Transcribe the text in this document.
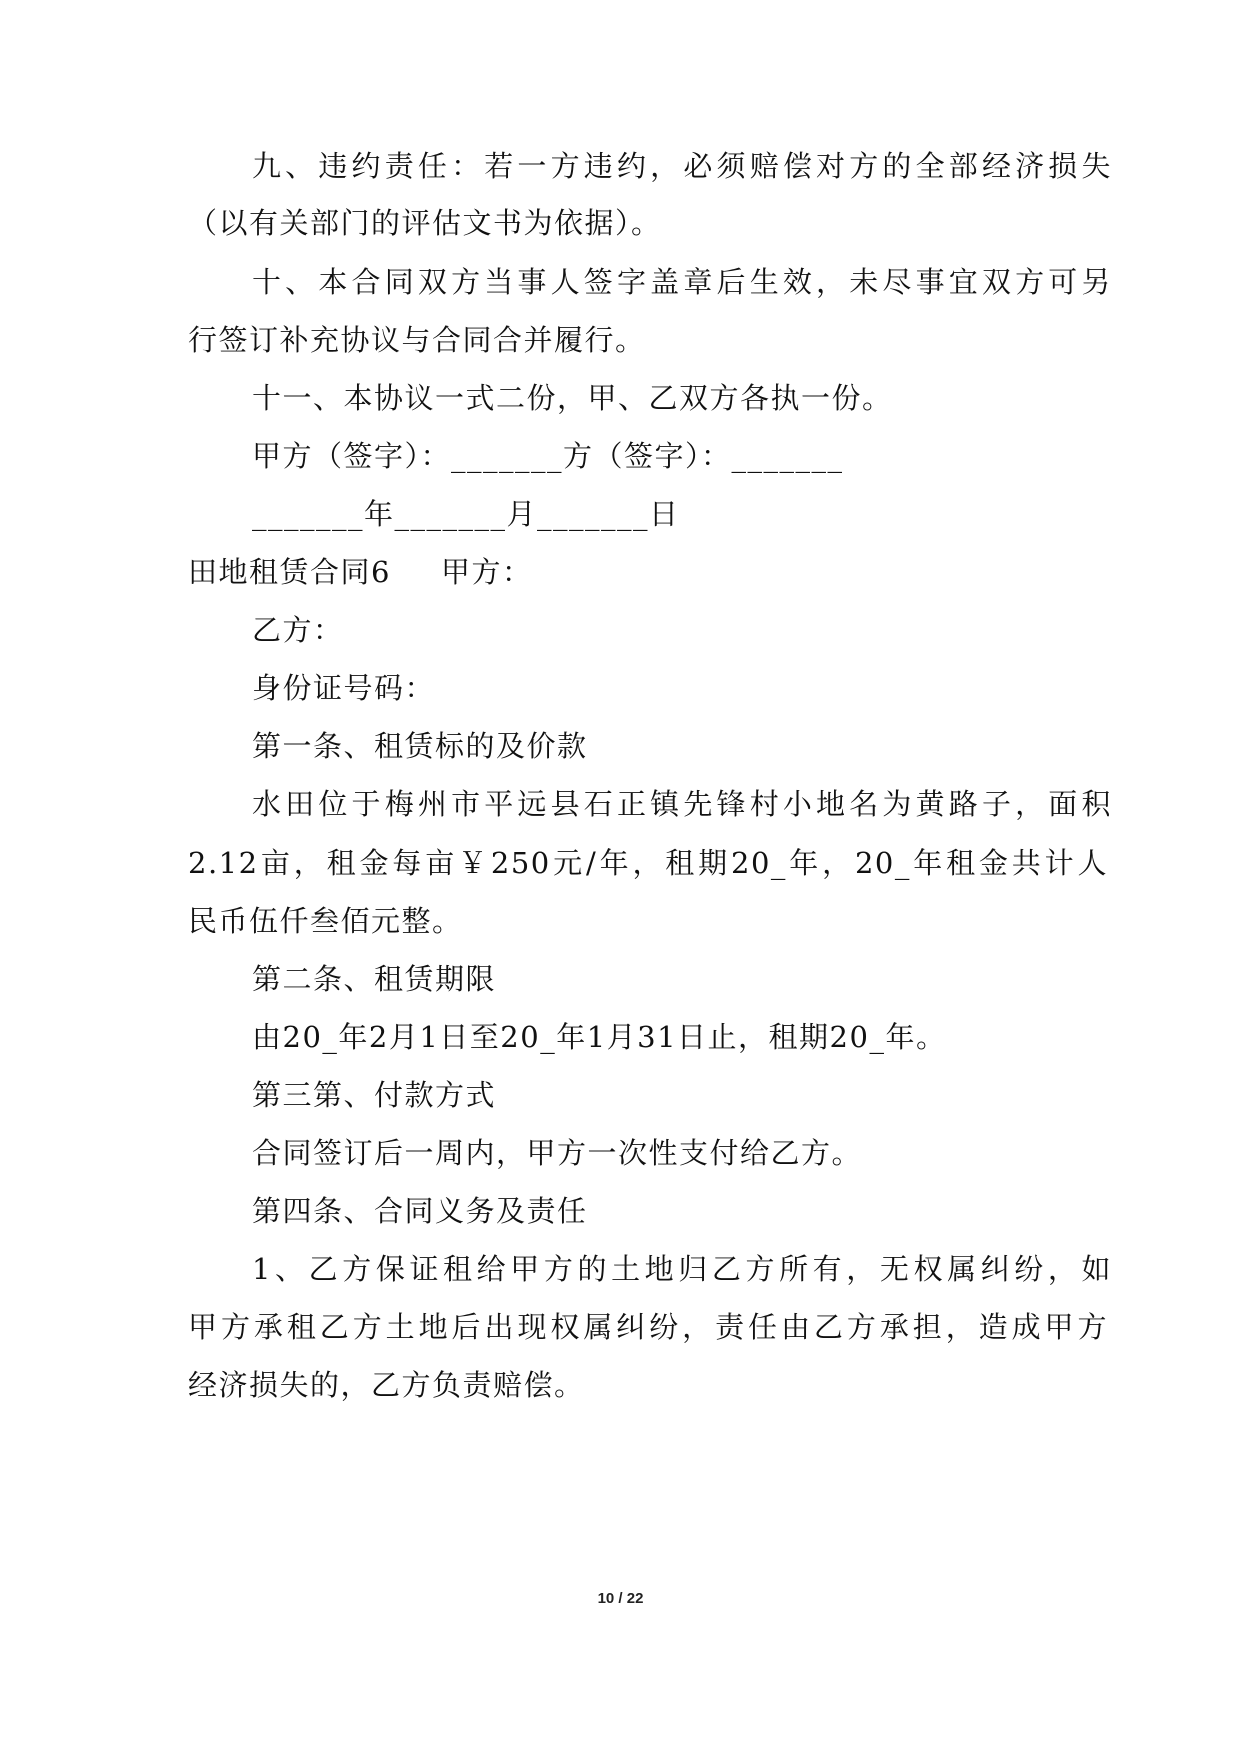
九、违约责任：若一方违约，必须赔偿对方的全部经济损失
（以有关部门的评估文书为依据）。
十、本合同双方当事人签字盖章后生效，未尽事宜双方可另
行签订补充协议与合同合并履行。
十一、本协议一式二份，甲、乙双方各执一份。
甲方（签字）：_______方（签字）：_______
_______年_______月_______日
田地租赁合同6 甲方：
乙方：
身份证号码：
第一条、租赁标的及价款
水田位于梅州市平远县石正镇先锋村小地名为黄路子，面积
2.12亩，租金每亩￥250元/年，租期20_年，20_年租金共计人
民币伍仟叁佰元整。
第二条、租赁期限
由20_年2月1日至20_年1月31日止，租期20_年。
第三第、付款方式
合同签订后一周内，甲方一次性支付给乙方。
第四条、合同义务及责任
1、乙方保证租给甲方的土地归乙方所有，无权属纠纷，如
甲方承租乙方土地后出现权属纠纷，责任由乙方承担，造成甲方
经济损失的，乙方负责赔偿。
10 / 22
